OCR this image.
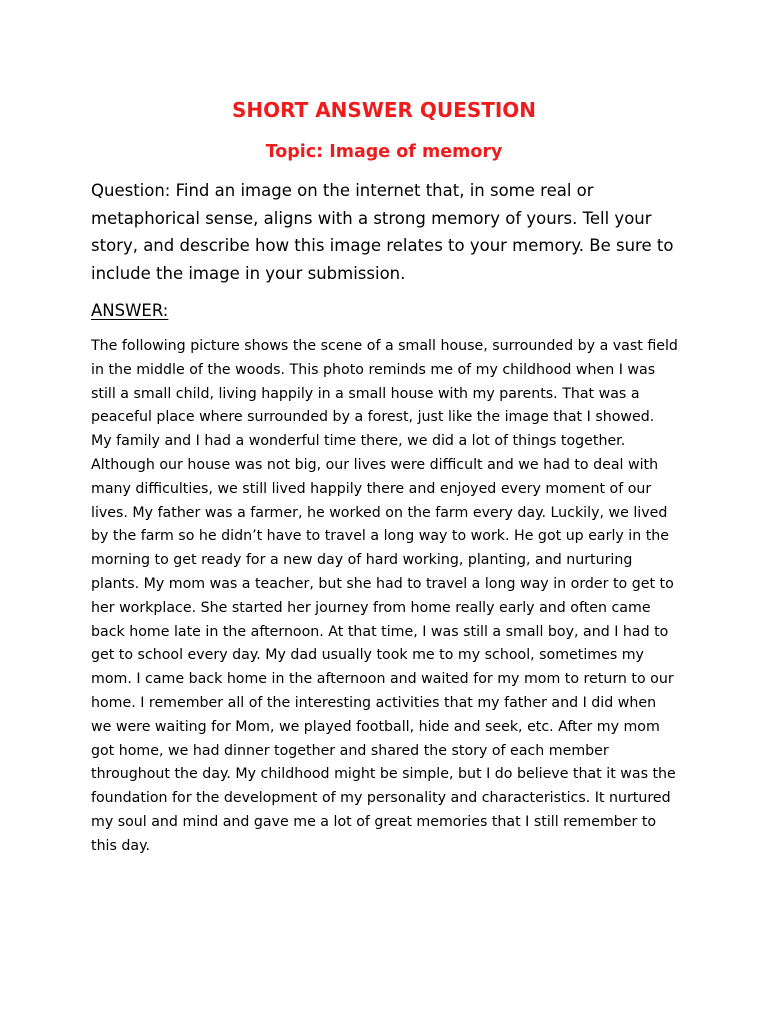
SHORT ANSWER QUESTION
Topic: Image of memory
Question: Find an image on the internet that, in some real or
metaphorical sense, aligns with a strong memory of yours. Tell your
story, and describe how this image relates to your memory. Be sure to
include the image in your submission.
ANSWER:
The following picture shows the scene of a small house, surrounded by a vast field
in the middle of the woods. This photo reminds me of my childhood when I was
still a small child, living happily in a small house with my parents. That was a
peaceful place where surrounded by a forest, just like the image that I showed.
My family and I had a wonderful time there, we did a lot of things together.
Although our house was not big, our lives were difficult and we had to deal with
many difficulties, we still lived happily there and enjoyed every moment of our
lives. My father was a farmer, he worked on the farm every day. Luckily, we lived
by the farm so he didn’t have to travel a long way to work. He got up early in the
morning to get ready for a new day of hard working, planting, and nurturing
plants. My mom was a teacher, but she had to travel a long way in order to get to
her workplace. She started her journey from home really early and often came
back home late in the afternoon. At that time, I was still a small boy, and I had to
get to school every day. My dad usually took me to my school, sometimes my
mom. I came back home in the afternoon and waited for my mom to return to our
home. I remember all of the interesting activities that my father and I did when
we were waiting for Mom, we played football, hide and seek, etc. After my mom
got home, we had dinner together and shared the story of each member
throughout the day. My childhood might be simple, but I do believe that it was the
foundation for the development of my personality and characteristics. It nurtured
my soul and mind and gave me a lot of great memories that I still remember to
this day.
